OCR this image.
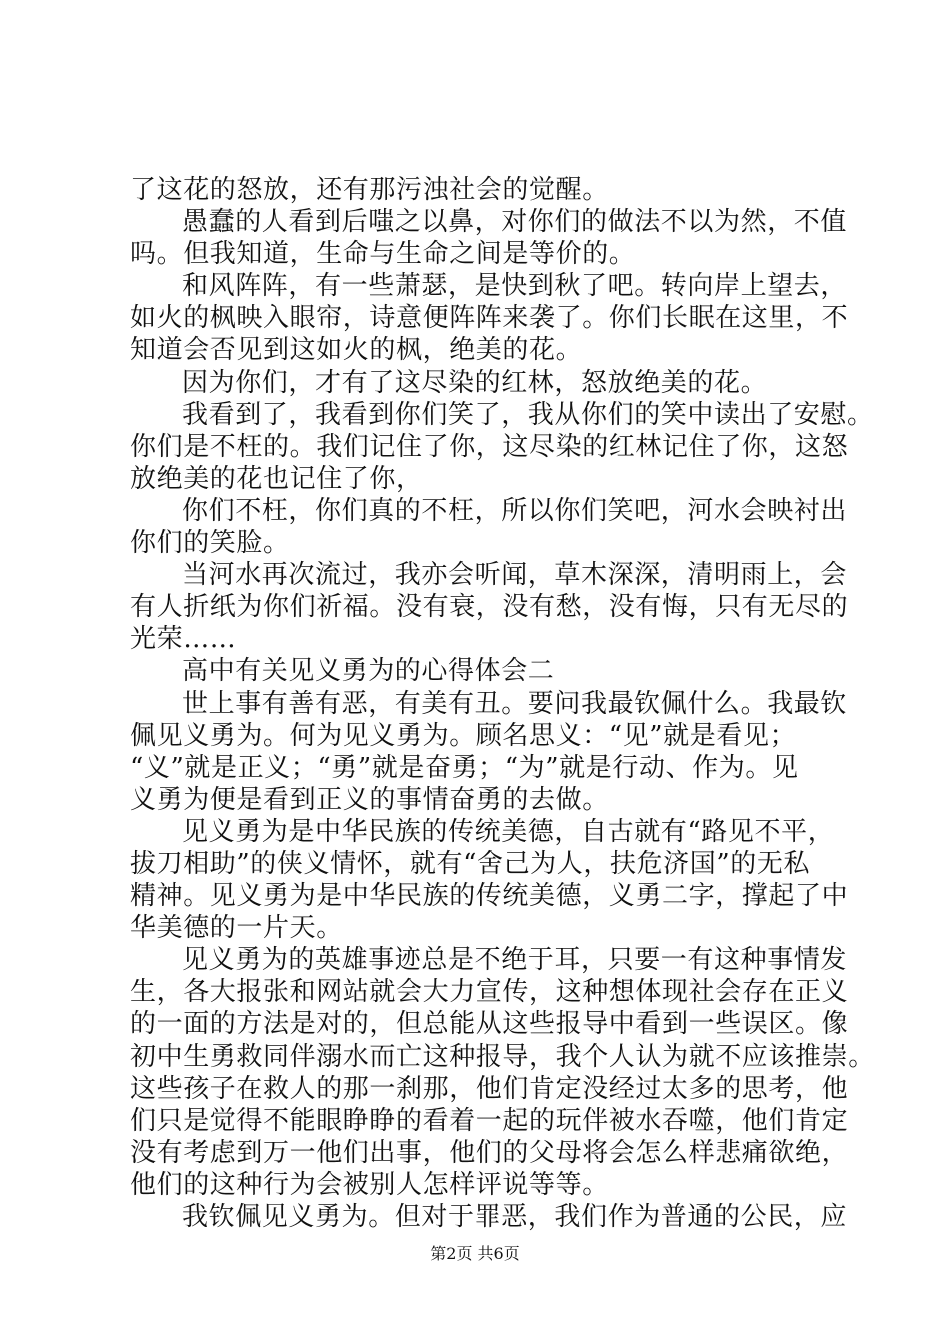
了这花的怒放，还有那污浊社会的觉醒。
愚蠢的人看到后嗤之以鼻，对你们的做法不以为然，不值
吗。但我知道，生命与生命之间是等价的。
和风阵阵，有一些萧瑟，是快到秋了吧。转向岸上望去，
如火的枫映入眼帘，诗意便阵阵来袭了。你们长眠在这里，不
知道会否见到这如火的枫，绝美的花。
因为你们，才有了这尽染的红林，怒放绝美的花。
我看到了，我看到你们笑了，我从你们的笑中读出了安慰。
你们是不枉的。我们记住了你，这尽染的红林记住了你，这怒
放绝美的花也记住了你，
你们不枉，你们真的不枉，所以你们笑吧，河水会映衬出
你们的笑脸。
当河水再次流过，我亦会听闻，草木深深，清明雨上，会
有人折纸为你们祈福。没有衰，没有愁，没有悔，只有无尽的
光荣……
高中有关见义勇为的心得体会二
世上事有善有恶，有美有丑。要问我最钦佩什么。我最钦
佩见义勇为。何为见义勇为。顾名思义：“见”就是看见；
“义”就是正义；“勇”就是奋勇；“为”就是行动、作为。见
义勇为便是看到正义的事情奋勇的去做。
见义勇为是中华民族的传统美德，自古就有“路见不平，
拔刀相助”的侠义情怀，就有“舍己为人，扶危济国”的无私
精神。见义勇为是中华民族的传统美德，义勇二字，撑起了中
华美德的一片天。
见义勇为的英雄事迹总是不绝于耳，只要一有这种事情发
生，各大报张和网站就会大力宣传，这种想体现社会存在正义
的一面的方法是对的，但总能从这些报导中看到一些误区。像
初中生勇救同伴溺水而亡这种报导，我个人认为就不应该推崇。
这些孩子在救人的那一刹那，他们肯定没经过太多的思考，他
们只是觉得不能眼睁睁的看着一起的玩伴被水吞噬，他们肯定
没有考虑到万一他们出事，他们的父母将会怎么样悲痛欲绝，
他们的这种行为会被别人怎样评说等等。
我钦佩见义勇为。但对于罪恶，我们作为普通的公民，应
第2页 共6页
